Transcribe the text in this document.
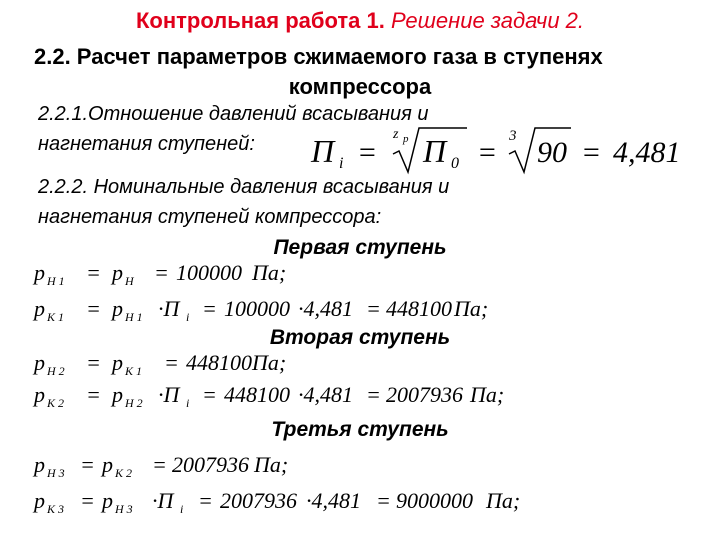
Контрольная работа 1. Решение задачи 2.
2.2. Расчет параметров сжимаемого газа в ступенях
компрессора
2.2.1.Отношение давлений всасывания и
нагнетания ступеней: Π i =
z p Π 0 = 3 90 = 4,481
2.2.2. Номинальные давления всасывания и
нагнетания ступеней компрессора:
Первая ступень
p H 1 = p H = 100000 Па;
p K 1 = p H 1 ·Π i = 100000 ·4,481 = 448100 Па;
Вторая ступень
p H 2 = p K 1 = 448100 Па;
p K 2 = p H 2 ·Π i = 448100 ·4,481 = 2007936 Па;
Третья ступень
p H 3 = p K 2 = 2007936 Па;
p K 3 = p H 3 ·Π i = 2007936 ·4,481 = 9000000 Па;
